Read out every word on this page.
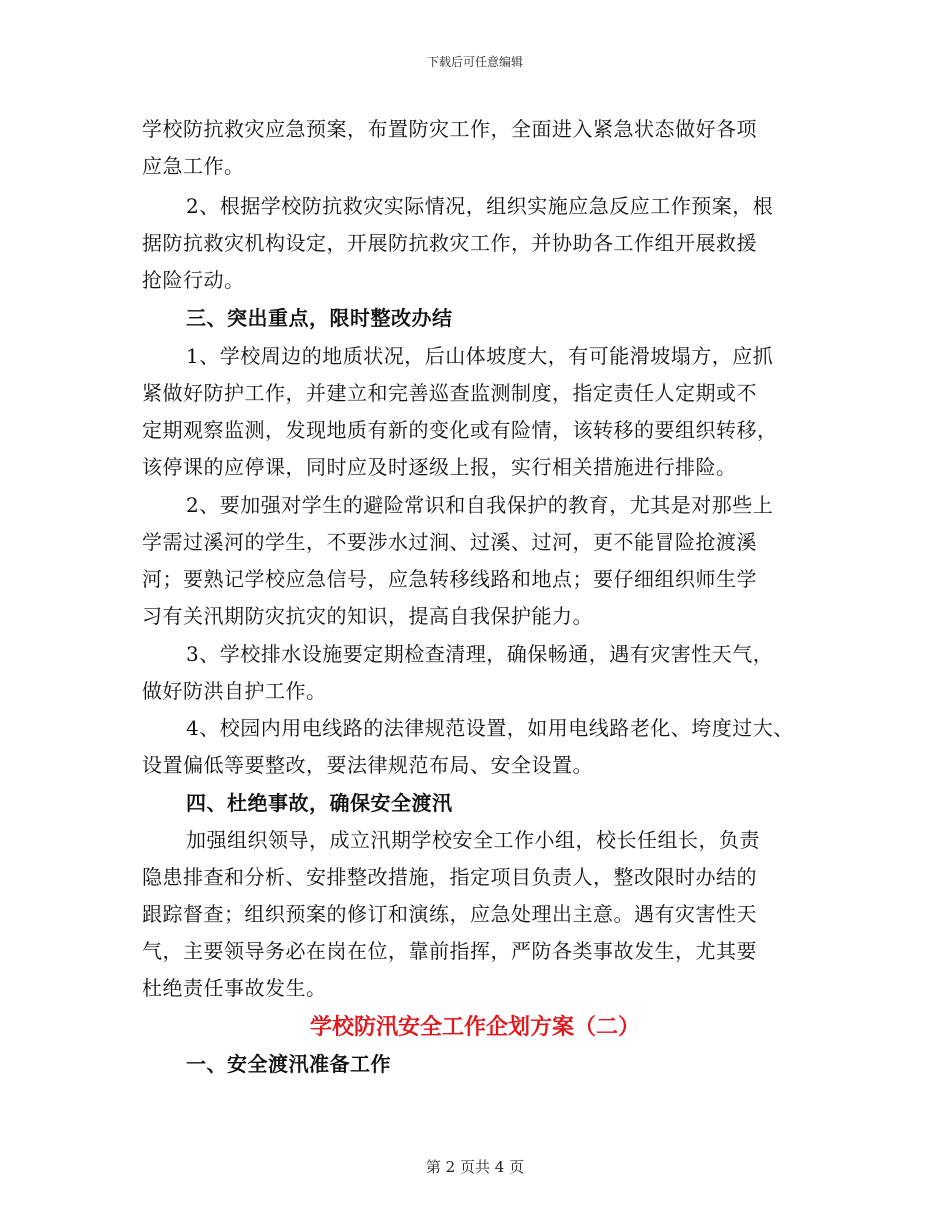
下载后可任意编辑
学校防抗救灾应急预案，布置防灾工作，全面进入紧急状态做好各项
应急工作。
2、根据学校防抗救灾实际情况，组织实施应急反应工作预案，根
据防抗救灾机构设定，开展防抗救灾工作，并协助各工作组开展救援
抢险行动。
三、突出重点，限时整改办结
1、学校周边的地质状况，后山体坡度大，有可能滑坡塌方，应抓
紧做好防护工作，并建立和完善巡查监测制度，指定责任人定期或不
定期观察监测，发现地质有新的变化或有险情，该转移的要组织转移，
该停课的应停课，同时应及时逐级上报，实行相关措施进行排险。
2、要加强对学生的避险常识和自我保护的教育，尤其是对那些上
学需过溪河的学生，不要涉水过涧、过溪、过河，更不能冒险抢渡溪
河；要熟记学校应急信号，应急转移线路和地点；要仔细组织师生学
习有关汛期防灾抗灾的知识，提高自我保护能力。
3、学校排水设施要定期检查清理，确保畅通，遇有灾害性天气，
做好防洪自护工作。
4、校园内用电线路的法律规范设置，如用电线路老化、垮度过大、
设置偏低等要整改，要法律规范布局、安全设置。
四、杜绝事故，确保安全渡汛
加强组织领导，成立汛期学校安全工作小组，校长任组长，负责
隐患排查和分析、安排整改措施，指定项目负责人，整改限时办结的
跟踪督查；组织预案的修订和演练，应急处理出主意。遇有灾害性天
气，主要领导务必在岗在位，靠前指挥，严防各类事故发生，尤其要
杜绝责任事故发生。
学校防汛安全工作企划方案（二）
一、安全渡汛准备工作
第 2 页共 4 页
